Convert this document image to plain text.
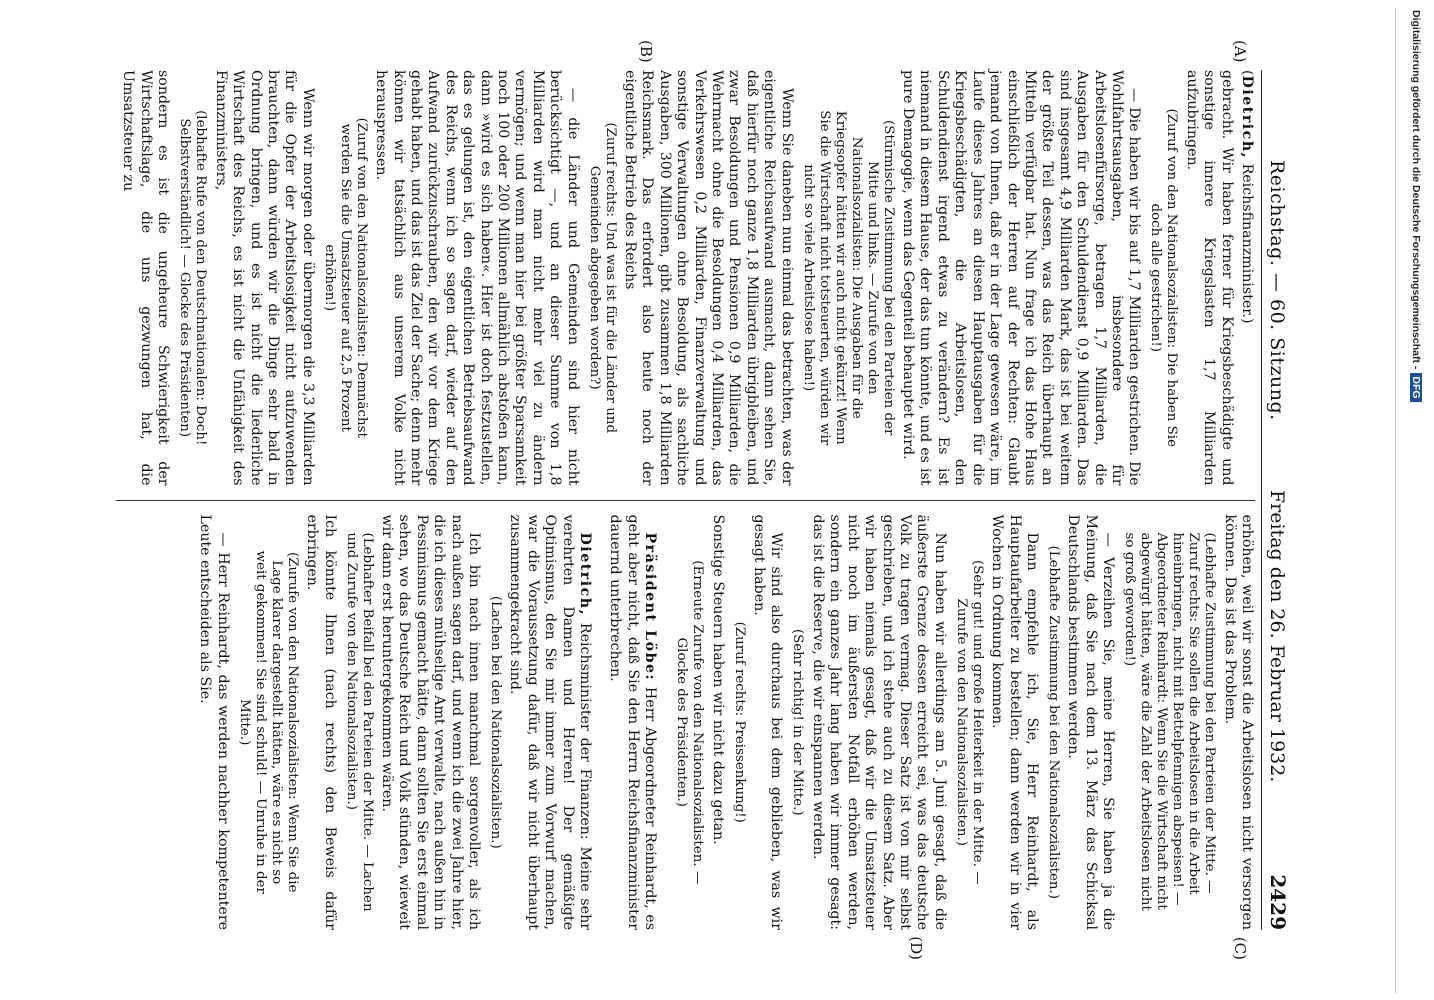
Reichstag. — 60. Sitzung.
Freitag den 26. Februar 1932.
2429
(A)
(B)
(C)
(D)

(Dietrich, Reichsfinanzminister.)

gebracht. Wir haben ferner für Kriegsbeschädigte und sonstige innere Kriegslasten 1,7 Milliarden aufzubringen.

(Zuruf von den Nationalsozialisten: Die haben Sie doch alle gestrichen!)

— Die haben wir bis auf 1,7 Milliarden gestrichen. Die Wohlfahrtsausgaben, insbesondere für Arbeitslosenfürsorge, betragen 1,7 Milliarden, die Ausgaben für den Schuldendienst 0,9 Milliarden. Das sind insgesamt 4,9 Milliarden Mark, das ist bei weitem der größte Teil dessen, was das Reich überhaupt an Mitteln verfügbar hat. Nun frage ich das Hohe Haus einschließlich der Herren auf der Rechten: Glaubt jemand von Ihnen, daß er in der Lage gewesen wäre, im Laufe dieses Jahres an diesen Hauptausgaben für die Kriegsbeschädigten, die Arbeitslosen, den Schuldendienst irgend etwas zu verändern? Es ist niemand in diesem Hause, der das tun könnte, und es ist pure Demagogie, wenn das Gegenteil behauptet wird.

(Stürmische Zustimmung bei den Parteien der Mitte und links. — Zurufe von den Nationalsozialisten: Die Ausgaben für die Kriegsopfer hätten wir auch nicht gekürzt! Wenn Sie die Wirtschaft nicht totsteuerten, würden wir nicht so viele Arbeitslose haben!)

Wenn Sie daneben nun einmal das betrachten, was der eigentliche Reichsaufwand ausmacht, dann sehen Sie, daß hierfür noch ganze 1,8 Milliarden übrigbleiben, und zwar Besoldungen und Pensionen 0,9 Milliarden, die Wehrmacht ohne die Besoldungen 0,4 Milliarden, das Verkehrswesen 0,2 Milliarden, Finanzverwaltung und sonstige Verwaltungen ohne Besoldung, als sachliche Ausgaben, 300 Millionen, gibt zusammen 1,8 Milliarden Reichsmark. Das erfordert also heute noch der eigentliche Betrieb des Reichs

(Zuruf rechts: Und was ist für die Länder und Gemeinden abgegeben worden?)

— die Länder und Gemeinden sind hier nicht berücksichtigt —, und an dieser Summe von 1,8 Milliarden wird man nicht mehr viel zu ändern vermögen; und wenn man hier bei größter Sparsamkeit noch 100 oder 200 Millionen allmählich abstoßen kann, dann »wird es sich haben«. Hier ist doch festzustellen, das es gelungen ist, den eigentlichen Betriebsaufwand des Reichs, wenn ich so sagen darf, wieder auf den Aufwand zurückzuschrauben, den wir vor dem Kriege gehabt haben, und das ist das Ziel der Sache; denn mehr können wir tatsächlich aus unserem Volke nicht herauspressen.

(Zuruf von den Nationalsozialisten: Demnächst werden Sie die Umsatzsteuer auf 2,5 Prozent erhöhen!)

Wenn wir morgen oder übermorgen die 3,3 Milliarden für die Opfer der Arbeitslosigkeit nicht aufzuwenden brauchten, dann würden wir die Dinge sehr bald in Ordnung bringen, und es ist nicht die liederliche Wirtschaft des Reichs, es ist nicht die Unfähigkeit des Finanzministers,

(lebhafte Rufe von den Deutschnationalen: Doch! Selbstverständlich! — Glocke des Präsidenten)

sondern es ist die ungeheure Schwierigkeit der Wirtschaftslage, die uns gezwungen hat, die Umsatzsteuer zu

erhöhen, weil wir sonst die Arbeitslosen nicht versorgen können. Das ist das Problem.

(Lebhafte Zustimmung bei den Parteien der Mitte. — Zuruf rechts: Sie sollen die Arbeitslosen in die Arbeit hineinbringen, nicht mit Bettelpfennigen abspeisen! — Abgeordneter Reinhardt: Wenn Sie die Wirtschaft nicht abgewürgt hätten, wäre die Zahl der Arbeitslosen nicht so groß geworden!)

— Verzeihen Sie, meine Herren, Sie haben ja die Meinung, daß Sie nach dem 13. März das Schicksal Deutschlands bestimmen werden.

(Lebhafte Zustimmung bei den Nationalsozialisten.)

Dann empfehle ich, Sie, Herr Reinhardt, als Hauptaufarbeiter zu bestellen; dann werden wir in vier Wochen in Ordnung kommen.

(Sehr gut! und große Heiterkeit in der Mitte. — Zurufe von den Nationalsozialisten.)

Nun haben wir allerdings am 5. Juni gesagt, daß die äußerste Grenze dessen erreicht sei, was das deutsche Volk zu tragen vermag. Dieser Satz ist von mir selbst geschrieben, und ich stehe auch zu diesem Satz. Aber wir haben niemals gesagt, daß wir die Umsatzsteuer nicht noch im äußersten Notfall erhöhen werden, sondern ein ganzes Jahr lang haben wir immer gesagt: das ist die Reserve, die wir einspannen werden.

(Sehr richtig! in der Mitte.)

Wir sind also durchaus bei dem geblieben, was wir gesagt haben.

(Zuruf rechts: Preissenkung!)

Sonstige Steuern haben wir nicht dazu getan.

(Erneute Zurufe von den Nationalsozialisten. — Glocke des Präsidenten.)

Präsident Löbe: Herr Abgeordneter Reinhardt, es geht aber nicht, daß Sie den Herrn Reichsfinanzminister dauernd unterbrechen.

Dietrich, Reichsminister der Finanzen: Meine sehr verehrten Damen und Herren! Der gemäßigte Optimismus, den Sie mir immer zum Vorwurf machen, war die Voraussetzung dafür, daß wir nicht überhaupt zusammengekracht sind.

(Lachen bei den Nationalsozialisten.)

Ich bin nach innen manchmal sorgenvoller, als ich nach außen sagen darf, und wenn ich die zwei Jahre hier, die ich dieses mühselige Amt verwalte, nach außen hin in Pessimismus gemacht hätte, dann sollten Sie erst einmal sehen, wo das Deutsche Reich und Volk stünden, wieweit wir dann erst heruntergekommen wären.

(Lebhafter Beifall bei den Parteien der Mitte. — Lachen und Zurufe von den Nationalsozialisten.)

Ich könnte Ihnen (nach rechts) den Beweis dafür erbringen.

(Zurufe von den Nationalsozialisten: Wenn Sie die Lage klarer dargestellt hätten, wäre es nicht so weit gekommen! Sie sind schuld! — Unruhe in der Mitte.)

— Herr Reinhardt, das werden nachher kompetentere Leute entscheiden als Sie.

Digitalisierung gefördert durch die Deutsche Forschungsgemeinschaft -DFG
